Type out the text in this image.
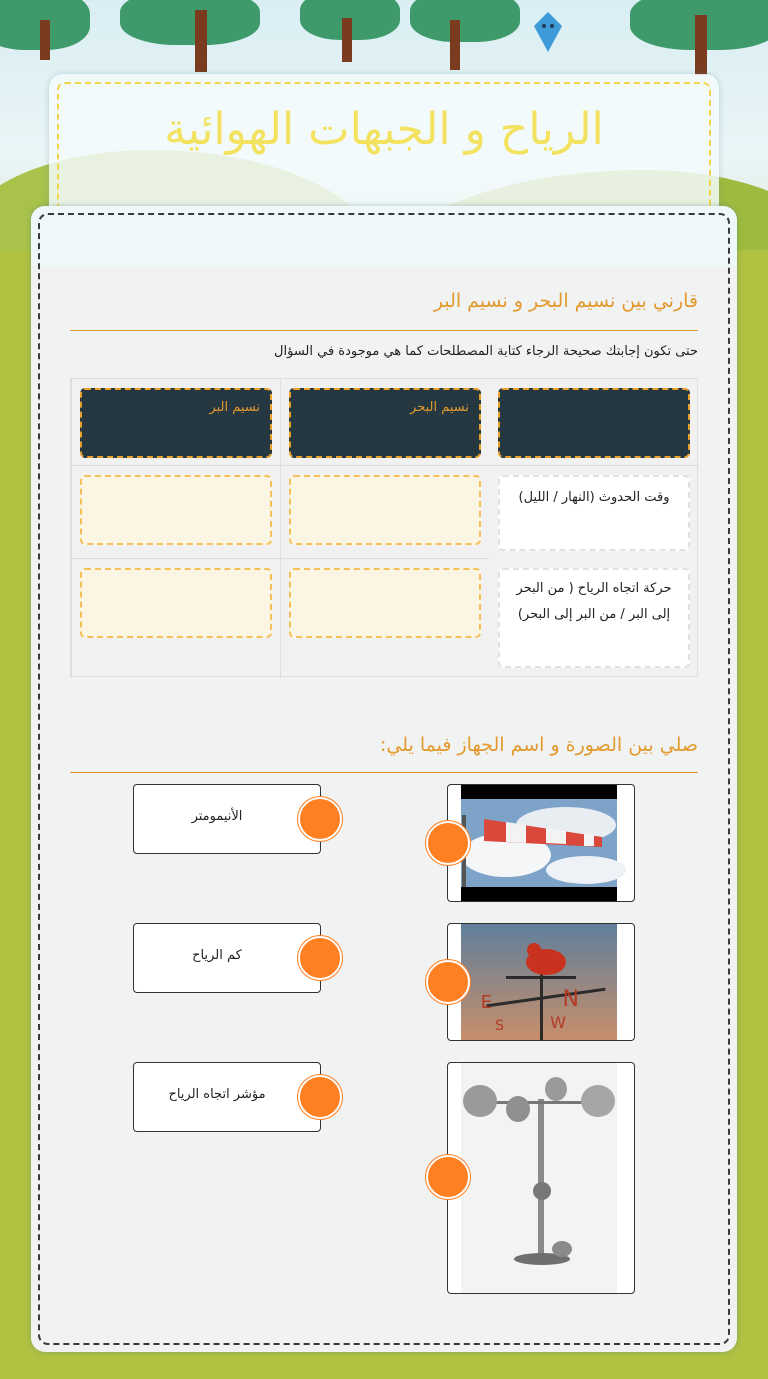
الرياح و الجبهات الهوائية
قارني بين نسيم البحر و نسيم البر
حتى تكون إجابتك صحيحة الرجاء كتابة المصطلحات كما هي موجودة في السؤال
نسيم البحر
نسيم البر
وقت الحدوث (النهار / الليل)
حركة اتجاه الرياح ( من البحر إلى البر / من البر إلى البحر)
صلي بين الصورة و اسم الجهاز فيما يلي:
الأنيمومتر
كم الرياح
مؤشر اتجاه الرياح
E	N
S	W
